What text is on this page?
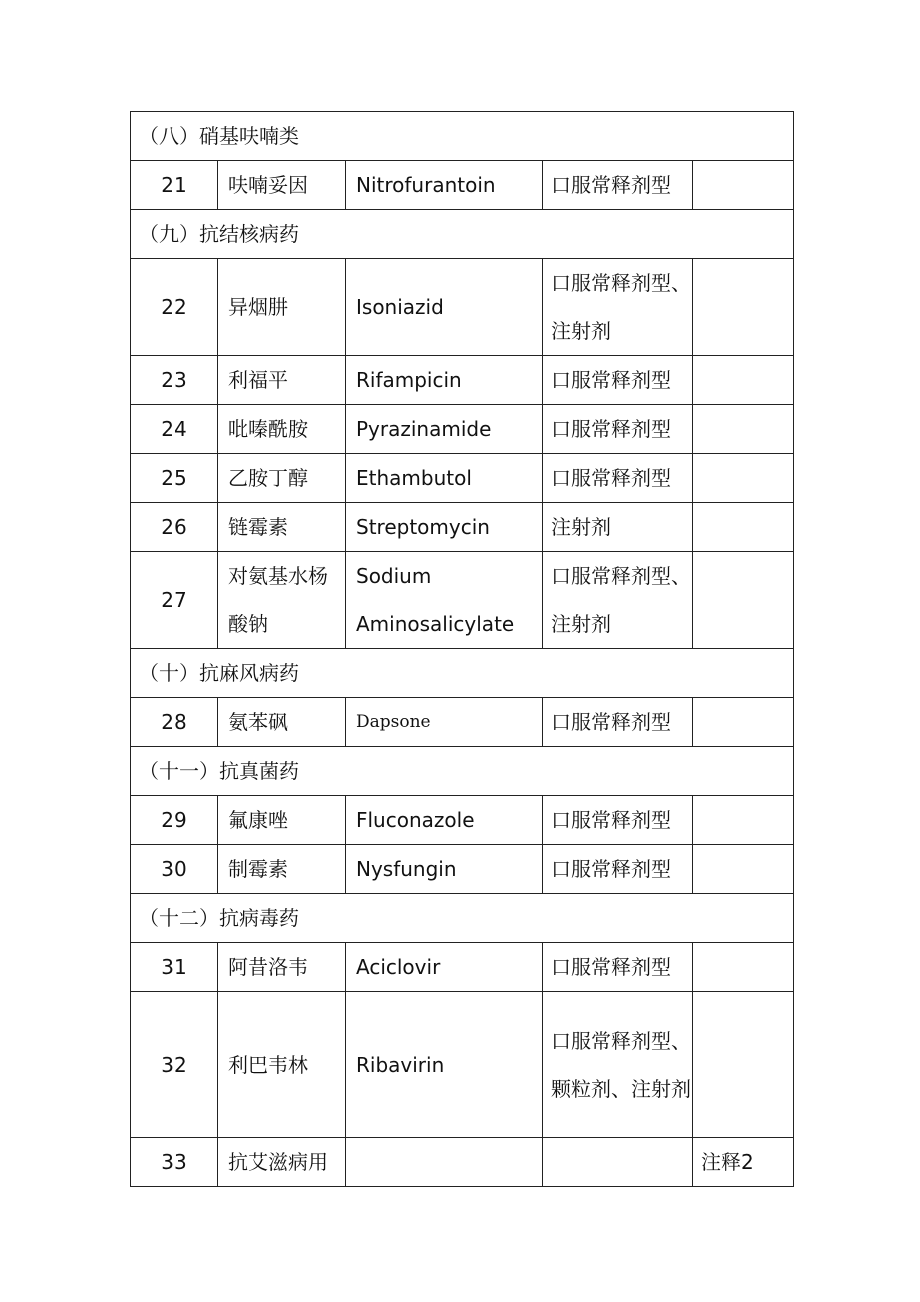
（八）硝基呋喃类				
21	呋喃妥因	Nitrofurantoin	口服常释剂型	
（九）抗结核病药				
22	异烟肼	Isoniazid	口服常释剂型、注射剂	
23	利福平	Rifampicin	口服常释剂型	
24	吡嗪酰胺	Pyrazinamide	口服常释剂型	
25	乙胺丁醇	Ethambutol	口服常释剂型	
26	链霉素	Streptomycin	注射剂	
27	对氨基水杨酸钠	Sodium Aminosalicylate	口服常释剂型、注射剂	
（十）抗麻风病药				
28	氨苯砜	Dapsone	口服常释剂型	
（十一）抗真菌药				
29	氟康唑	Fluconazole	口服常释剂型	
30	制霉素	Nysfungin	口服常释剂型	
（十二）抗病毒药				
31	阿昔洛韦	Aciclovir	口服常释剂型	
32	利巴韦林	Ribavirin	口服常释剂型、颗粒剂、注射剂	
33	抗艾滋病用			注释2
